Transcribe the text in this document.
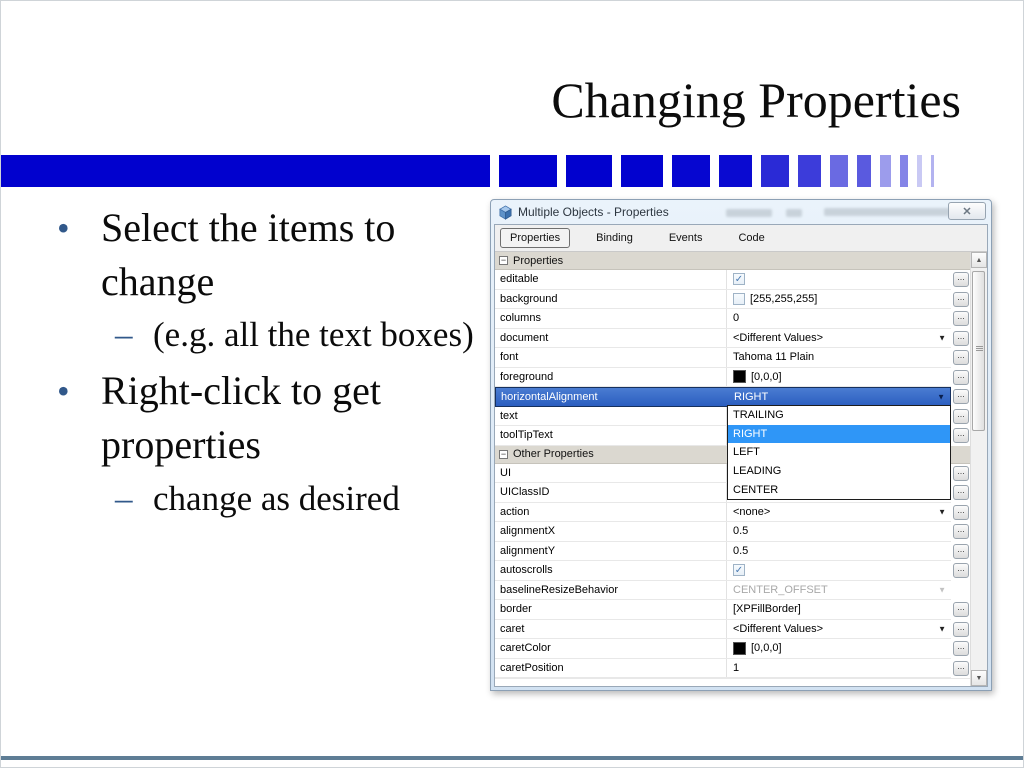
Changing Properties
• Select the items to change
– (e.g. all the text boxes)
• Right-click to get properties
– change as desired
Multiple Objects - Properties	✕
Properties	Binding	Events	Code
− Properties
editable	✓	...
background	[255,255,255]	...
columns	0	...
document	<Different Values>	▼	...
font	Tahoma 11 Plain	...
foreground	[0,0,0]	...
horizontalAlignment	RIGHT	▼	...
text	...
toolTipText	...
− Other Properties
UI	...
UIClassID	...
action	<none>	▼	...
alignmentX	0.5	...
alignmentY	0.5	...
autoscrolls	✓	...
baselineResizeBehavior	CENTER_OFFSET	▼
border	[XPFillBorder]	...
caret	<Different Values>	▼	...
caretColor	[0,0,0]	...
caretPosition	1	...
TRAILING
RIGHT
LEFT
LEADING
CENTER
▲
▼
